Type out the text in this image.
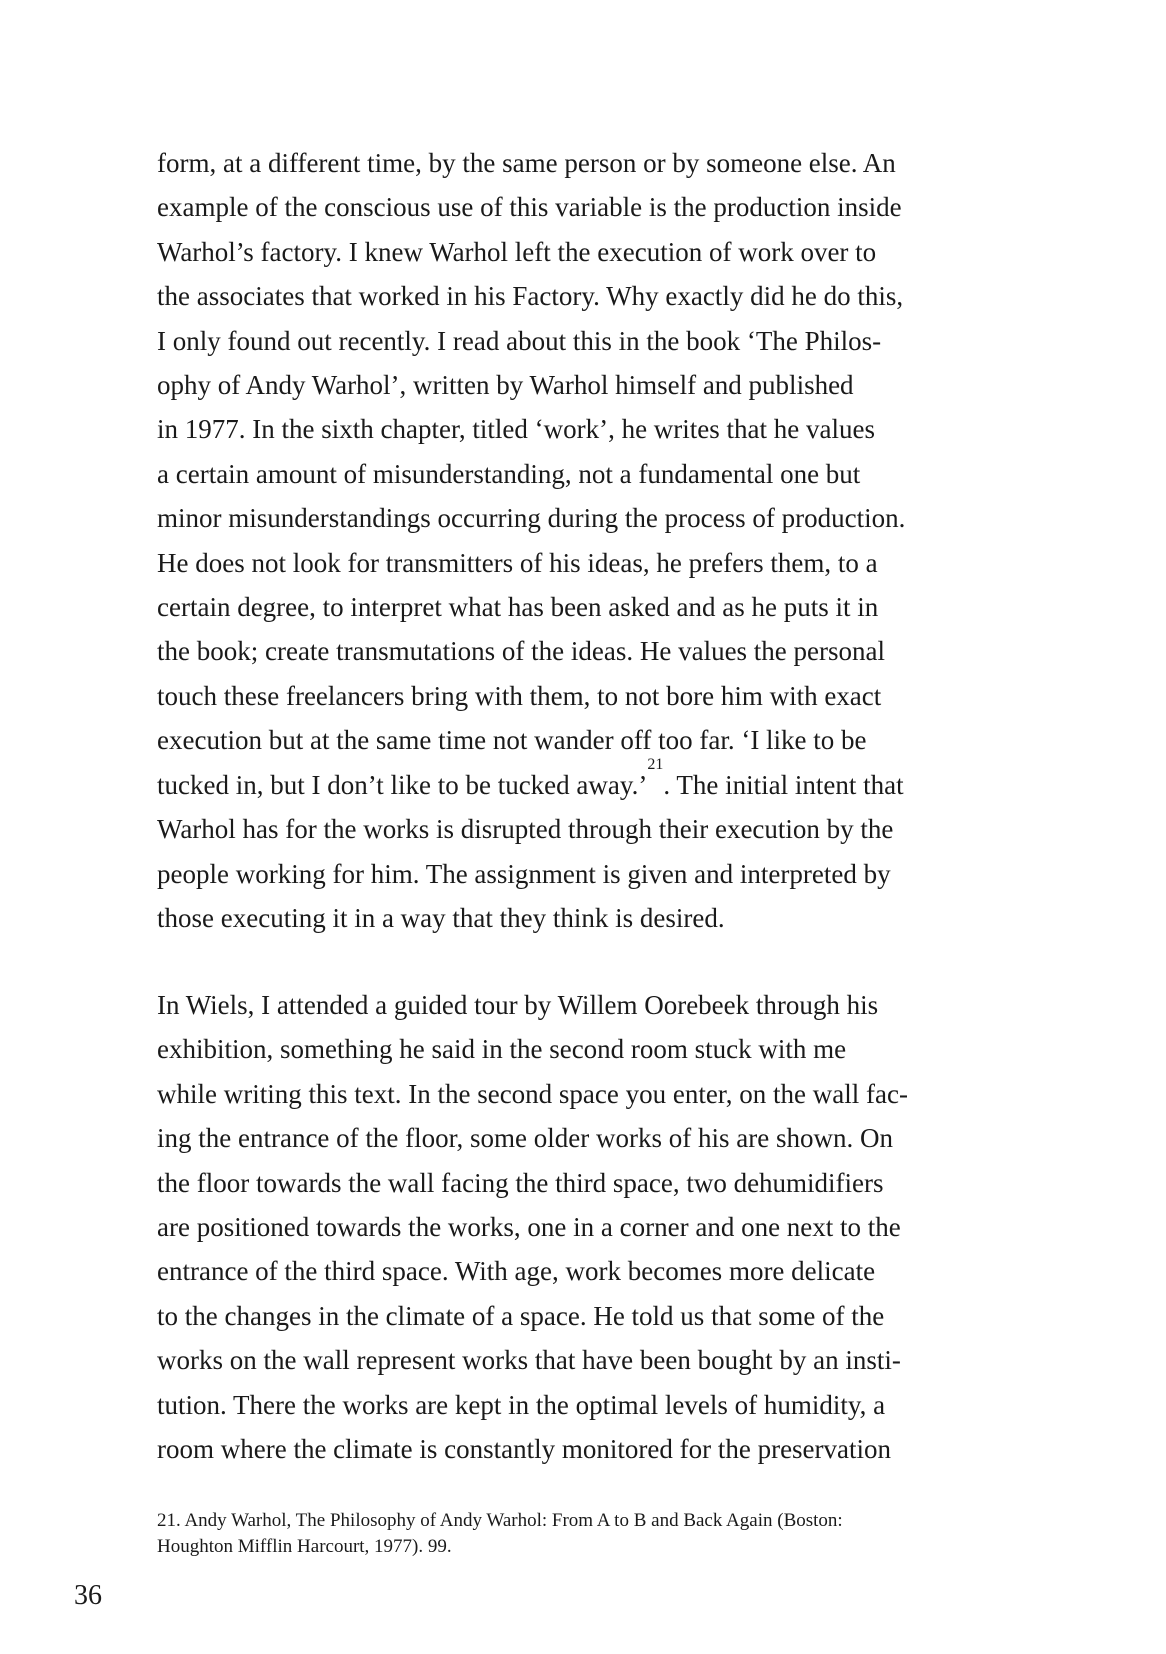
form, at a different time, by the same person or by someone else. An
example of the conscious use of this variable is the production inside
Warhol’s factory. I knew Warhol left the execution of work over to
the associates that worked in his Factory. Why exactly did he do this,
I only found out recently. I read about this in the book ‘The Philos-
ophy of Andy Warhol’, written by Warhol himself and published
in 1977. In the sixth chapter, titled ‘work’, he writes that he values
a certain amount of misunderstanding, not a fundamental one but
minor misunderstandings occurring during the process of production.
He does not look for transmitters of his ideas, he prefers them, to a
certain degree, to interpret what has been asked and as he puts it in
the book; create transmutations of the ideas. He values the personal
touch these freelancers bring with them, to not bore him with exact
execution but at the same time not wander off too far. ‘I like to be
tucked in, but I don’t like to be tucked away.’$^{21}$. The initial intent that
Warhol has for the works is disrupted through their execution by the
people working for him. The assignment is given and interpreted by
those executing it in a way that they think is desired.
In Wiels, I attended a guided tour by Willem Oorebeek through his
exhibition, something he said in the second room stuck with me
while writing this text. In the second space you enter, on the wall fac-
ing the entrance of the floor, some older works of his are shown. On
the floor towards the wall facing the third space, two dehumidifiers
are positioned towards the works, one in a corner and one next to the
entrance of the third space. With age, work becomes more delicate
to the changes in the climate of a space. He told us that some of the
works on the wall represent works that have been bought by an insti-
tution. There the works are kept in the optimal levels of humidity, a
room where the climate is constantly monitored for the preservation
21. Andy Warhol, The Philosophy of Andy Warhol: From A to B and Back Again (Boston:
Houghton Mifflin Harcourt, 1977). 99.
36
